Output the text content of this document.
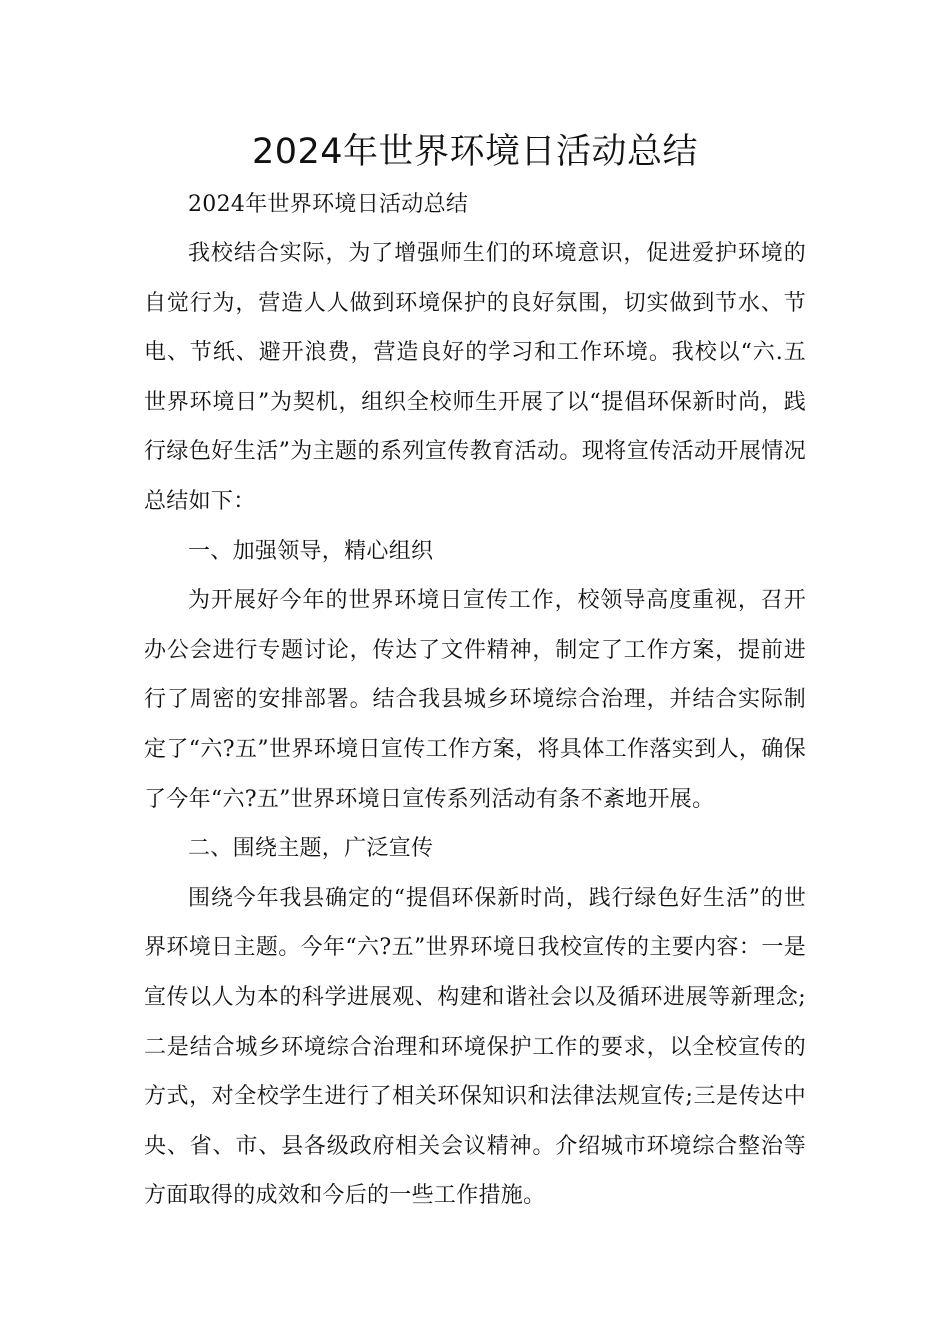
2024年世界环境日活动总结
2024年世界环境日活动总结

我校结合实际，为了增强师生们的环境意识，促进爱护环境的自觉行为，营造人人做到环境保护的良好氛围，切实做到节水、节电、节纸、避开浪费，营造良好的学习和工作环境。我校以“六.五世界环境日”为契机，组织全校师生开展了以“提倡环保新时尚，践行绿色好生活”为主题的系列宣传教育活动。现将宣传活动开展情况总结如下：

一、加强领导，精心组织

为开展好今年的世界环境日宣传工作，校领导高度重视，召开办公会进行专题讨论，传达了文件精神，制定了工作方案，提前进行了周密的安排部署。结合我县城乡环境综合治理，并结合实际制定了“六?五”世界环境日宣传工作方案，将具体工作落实到人，确保了今年“六?五”世界环境日宣传系列活动有条不紊地开展。

二、围绕主题，广泛宣传

围绕今年我县确定的“提倡环保新时尚，践行绿色好生活”的世界环境日主题。今年“六?五”世界环境日我校宣传的主要内容：一是宣传以人为本的科学进展观、构建和谐社会以及循环进展等新理念;二是结合城乡环境综合治理和环境保护工作的要求，以全校宣传的方式，对全校学生进行了相关环保知识和法律法规宣传;三是传达中央、省、市、县各级政府相关会议精神。介绍城市环境综合整治等方面取得的成效和今后的一些工作措施。
